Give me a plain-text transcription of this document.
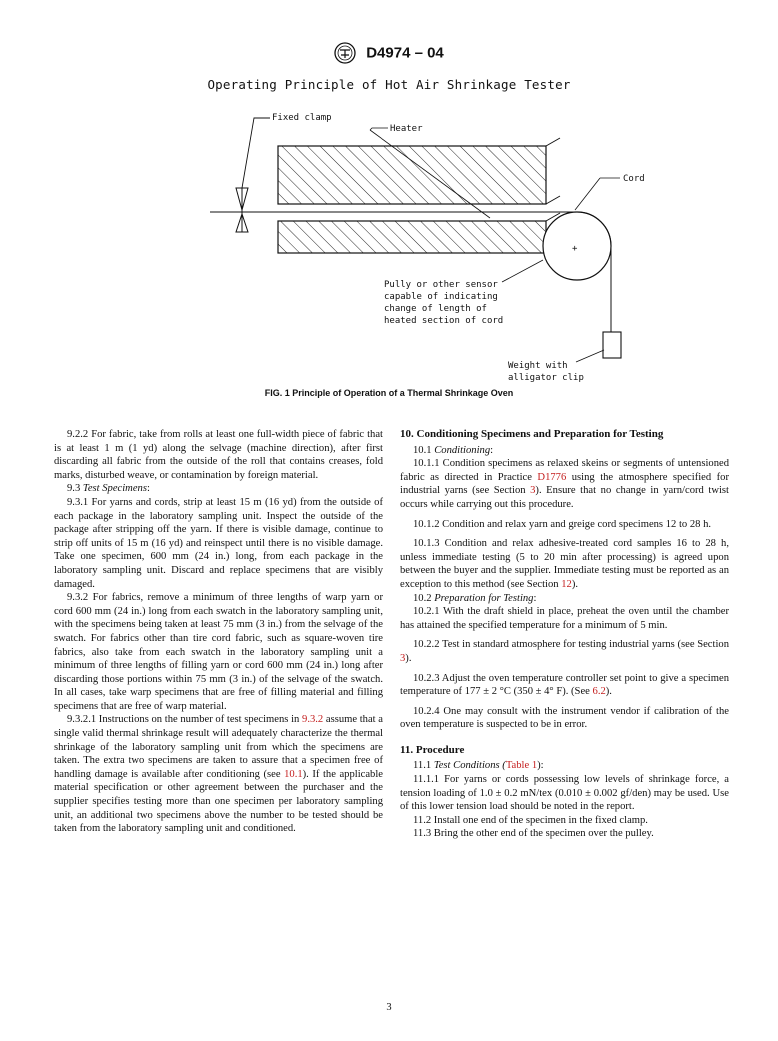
D4974 – 04
Operating Principle of Hot Air Shrinkage Tester
+
Fixed clamp
Heater
Cord
Pully or other sensor
capable of indicating
change of length of
heated section of cord
Weight with
alligator clip
FIG. 1 Principle of Operation of a Thermal Shrinkage Oven

9.2.2 For fabric, take from rolls at least one full-width piece of fabric that is at least 1 m (1 yd) along the selvage (machine direction), after first discarding all fabric from the outside of the roll that contains creases, fold marks, disturbed weave, or contamination by foreign material.

9.3 Test Specimens:

9.3.1 For yarns and cords, strip at least 15 m (16 yd) from the outside of each package in the laboratory sampling unit. Inspect the outside of the package after stripping off the yarn. If there is visible damage, continue to strip off units of 15 m (16 yd) and reinspect until there is no visible damage. Take one specimen, 600 mm (24 in.) long, from each package in the laboratory sampling unit. Discard and replace specimens that are visibly damaged.

9.3.2 For fabrics, remove a minimum of three lengths of warp yarn or cord 600 mm (24 in.) long from each swatch in the laboratory sampling unit, with the specimens being taken at least 75 mm (3 in.) from the selvage of the swatch. For fabrics other than tire cord fabric, such as square-woven tire fabrics, also take from each swatch in the laboratory sampling unit a minimum of three lengths of filling yarn or cord 600 mm (24 in.) long after discarding those portions within 75 mm (3 in.) of the selvage of the swatch. In all cases, take warp specimens that are free of filling material and filling specimens that are free of warp material.

9.3.2.1 Instructions on the number of test specimens in 9.3.2 assume that a single valid thermal shrinkage result will adequately characterize the thermal shrinkage of the laboratory sampling unit from which the specimens are taken. The extra two specimens are taken to assure that a specimen free of handling damage is available after conditioning (see 10.1). If the applicable material specification or other agreement between the purchaser and the supplier specifies testing more than one specimen per laboratory sampling unit, an additional two specimens above the number to be tested should be taken from the laboratory sampling unit and conditioned.

10. Conditioning Specimens and Preparation for Testing

10.1 Conditioning:

10.1.1 Condition specimens as relaxed skeins or segments of untensioned fabric as directed in Practice D1776 using the atmosphere specified for industrial yarns (see Section 3). Ensure that no change in yarn/cord twist occurs while carrying out this procedure.

10.1.2 Condition and relax yarn and greige cord specimens 12 to 28 h.

10.1.3 Condition and relax adhesive-treated cord samples 16 to 28 h, unless immediate testing (5 to 20 min after processing) is agreed upon between the buyer and the supplier. Immediate testing must be reported as an exception to this method (see Section 12).

10.2 Preparation for Testing:

10.2.1 With the draft shield in place, preheat the oven until the chamber has attained the specified temperature for a minimum of 5 min.

10.2.2 Test in standard atmosphere for testing industrial yarns (see Section 3).

10.2.3 Adjust the oven temperature controller set point to give a specimen temperature of 177 ± 2 °C (350 ± 4° F). (See 6.2).

10.2.4 One may consult with the instrument vendor if calibration of the oven temperature is suspected to be in error.

11. Procedure

11.1 Test Conditions (Table 1):

11.1.1 For yarns or cords possessing low levels of shrinkage force, a tension loading of 1.0 ± 0.2 mN/tex (0.010 ± 0.002 gf/den) may be used. Use of this lower tension load should be noted in the report.

11.2 Install one end of the specimen in the fixed clamp.

11.3 Bring the other end of the specimen over the pulley.

3
